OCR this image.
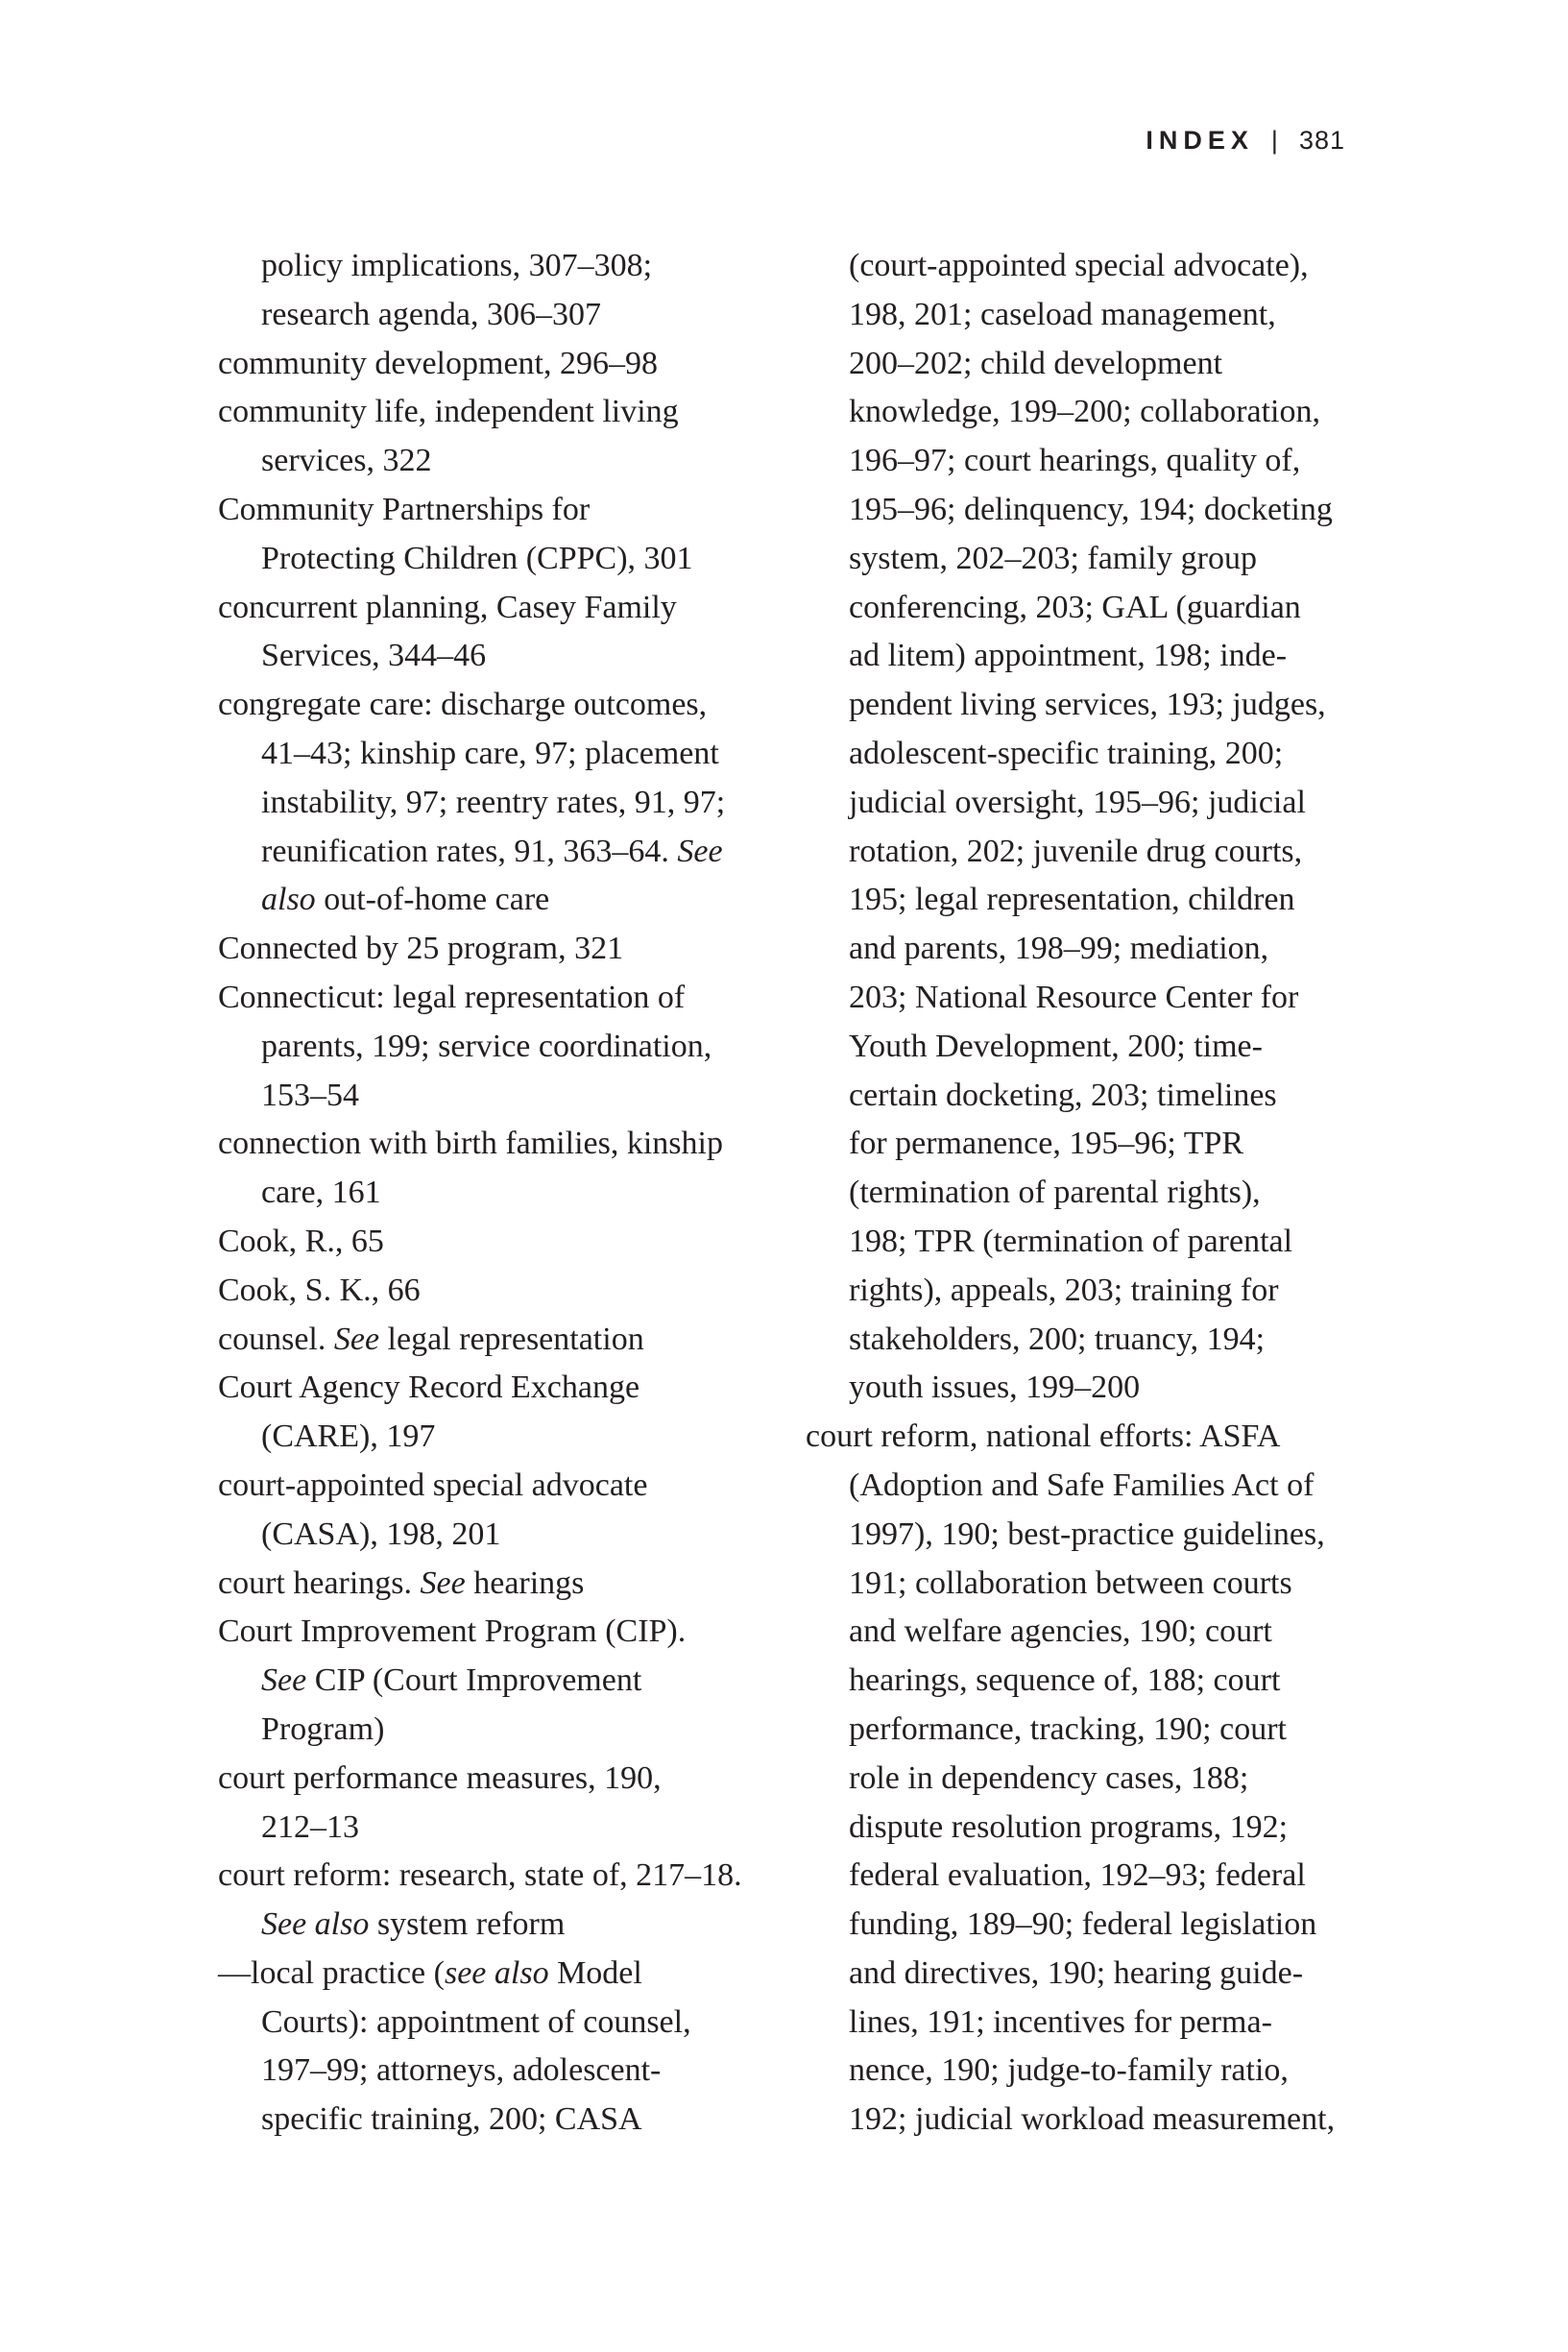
INDEX | 381
policy implications, 307–308;
research agenda, 306–307
community development, 296–98
community life, independent living
services, 322
Community Partnerships for
Protecting Children (CPPC), 301
concurrent planning, Casey Family
Services, 344–46
congregate care: discharge outcomes,
41–43; kinship care, 97; placement
instability, 97; reentry rates, 91, 97;
reunification rates, 91, 363–64. See
also out-of-home care
Connected by 25 program, 321
Connecticut: legal representation of
parents, 199; service coordination,
153–54
connection with birth families, kinship
care, 161
Cook, R., 65
Cook, S. K., 66
counsel. See legal representation
Court Agency Record Exchange
(CARE), 197
court-appointed special advocate
(CASA), 198, 201
court hearings. See hearings
Court Improvement Program (CIP).
See CIP (Court Improvement
Program)
court performance measures, 190,
212–13
court reform: research, state of, 217–18.
See also system reform
—local practice (see also Model
Courts): appointment of counsel,
197–99; attorneys, adolescent-
specific training, 200; CASA
(court-appointed special advocate),
198, 201; caseload management,
200–202; child development
knowledge, 199–200; collaboration,
196–97; court hearings, quality of,
195–96; delinquency, 194; docketing
system, 202–203; family group
conferencing, 203; GAL (guardian
ad litem) appointment, 198; inde-
pendent living services, 193; judges,
adolescent-specific training, 200;
judicial oversight, 195–96; judicial
rotation, 202; juvenile drug courts,
195; legal representation, children
and parents, 198–99; mediation,
203; National Resource Center for
Youth Development, 200; time-
certain docketing, 203; timelines
for permanence, 195–96; TPR
(termination of parental rights),
198; TPR (termination of parental
rights), appeals, 203; training for
stakeholders, 200; truancy, 194;
youth issues, 199–200
court reform, national efforts: ASFA
(Adoption and Safe Families Act of
1997), 190; best-practice guidelines,
191; collaboration between courts
and welfare agencies, 190; court
hearings, sequence of, 188; court
performance, tracking, 190; court
role in dependency cases, 188;
dispute resolution programs, 192;
federal evaluation, 192–93; federal
funding, 189–90; federal legislation
and directives, 190; hearing guide-
lines, 191; incentives for perma-
nence, 190; judge-to-family ratio,
192; judicial workload measurement,
